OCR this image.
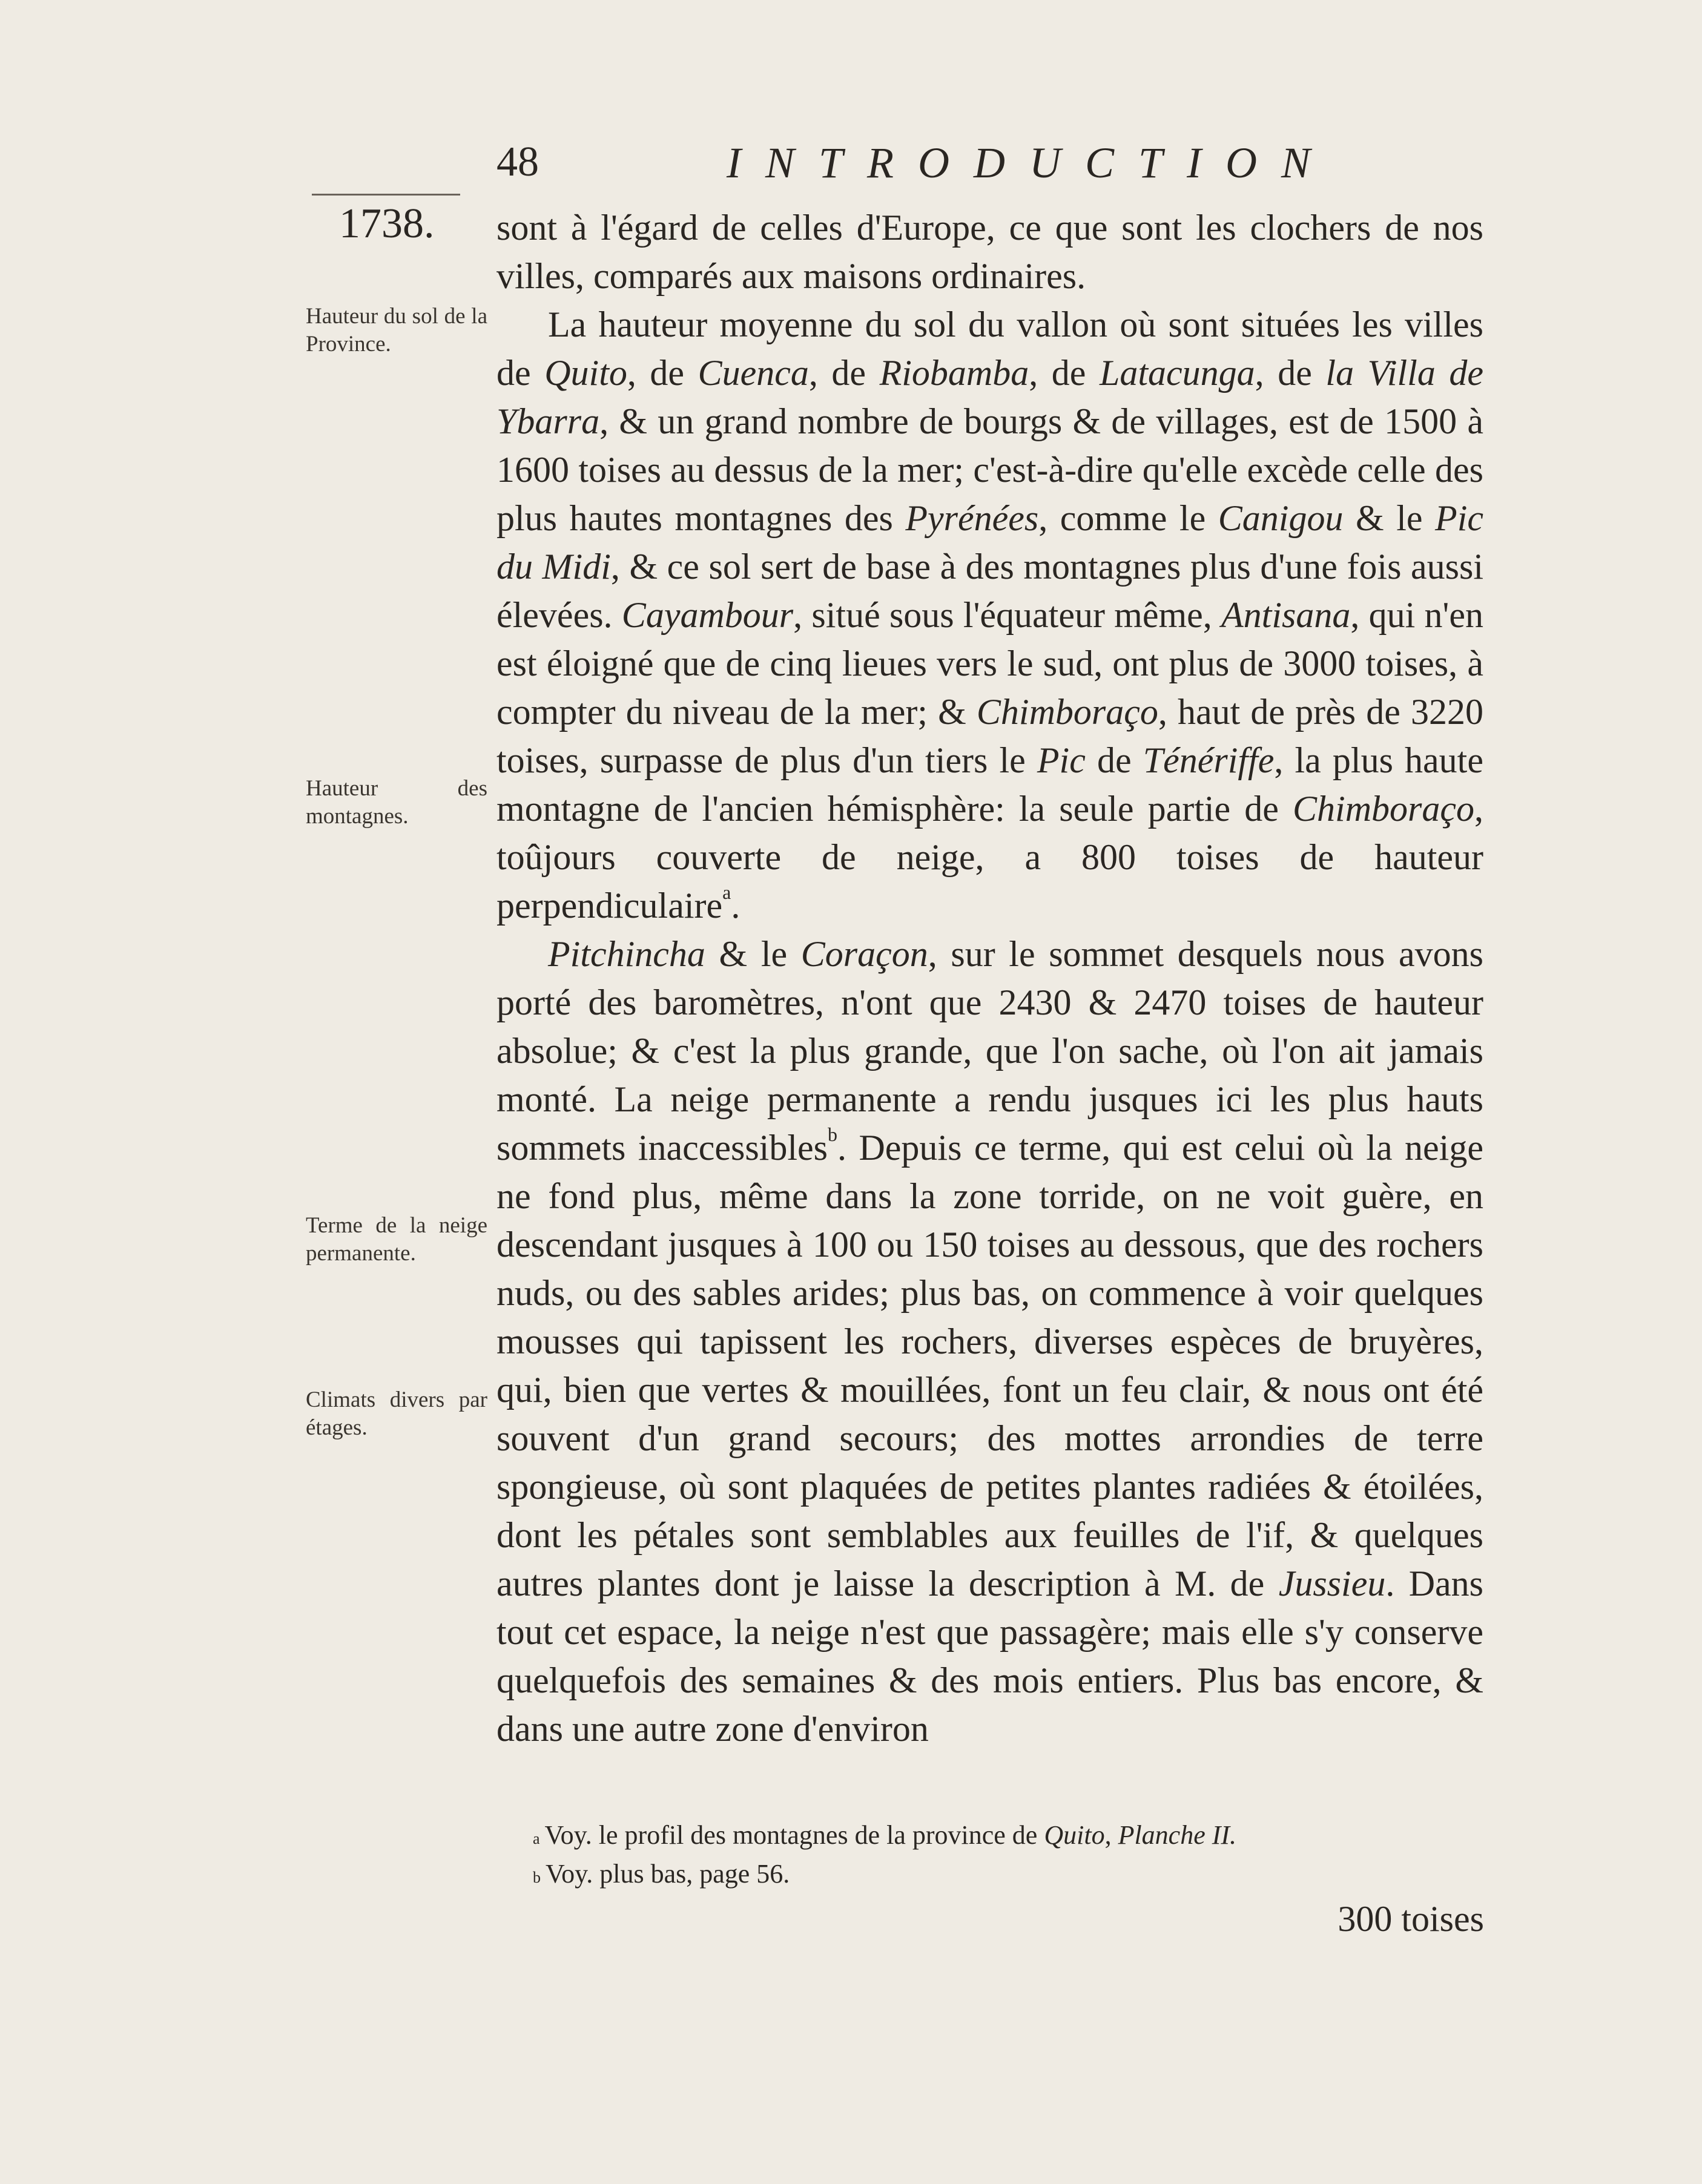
48	INTRODUCTION
1738.

Hauteur du sol de la Province.

Hauteur des montagnes.

Terme de la neige permanente.

Climats divers par étages.

sont à l'égard de celles d'Europe, ce que sont les clochers de nos villes, comparés aux maisons ordinaires.

La hauteur moyenne du sol du vallon où sont situées les villes de Quito, de Cuenca, de Riobamba, de Latacunga, de la Villa de Ybarra, & un grand nombre de bourgs & de villages, est de 1500 à 1600 toises au dessus de la mer; c'est-à-dire qu'elle excède celle des plus hautes montagnes des Pyrénées, comme le Canigou & le Pic du Midi, & ce sol sert de base à des montagnes plus d'une fois aussi élevées. Cayambour, situé sous l'équateur même, Antisana, qui n'en est éloigné que de cinq lieues vers le sud, ont plus de 3000 toises, à compter du niveau de la mer; & Chimboraço, haut de près de 3220 toises, surpasse de plus d'un tiers le Pic de Ténériffe, la plus haute montagne de l'ancien hémisphère: la seule partie de Chimboraço, toûjours couverte de neige, a 800 toises de hauteur perpendiculaire$^a$.

Pitchincha & le Coraçon, sur le sommet desquels nous avons porté des baromètres, n'ont que 2430 & 2470 toises de hauteur absolue; & c'est la plus grande, que l'on sache, où l'on ait jamais monté. La neige permanente a rendu jusques ici les plus hauts sommets inaccessibles$^b$. Depuis ce terme, qui est celui où la neige ne fond plus, même dans la zone torride, on ne voit guère, en descendant jusques à 100 ou 150 toises au dessous, que des rochers nuds, ou des sables arides; plus bas, on commence à voir quelques mousses qui tapissent les rochers, diverses espèces de bruyères, qui, bien que vertes & mouillées, font un feu clair, & nous ont été souvent d'un grand secours; des mottes arrondies de terre spongieuse, où sont plaquées de petites plantes radiées & étoilées, dont les pétales sont semblables aux feuilles de l'if, & quelques autres plantes dont je laisse la description à M. de Jussieu. Dans tout cet espace, la neige n'est que passagère; mais elle s'y conserve quelquefois des semaines & des mois entiers. Plus bas encore, & dans une autre zone d'environ

$^a$ Voy. le profil des montagnes de la province de Quito, Planche II.

$^b$ Voy. plus bas, page 56.

300 toises
